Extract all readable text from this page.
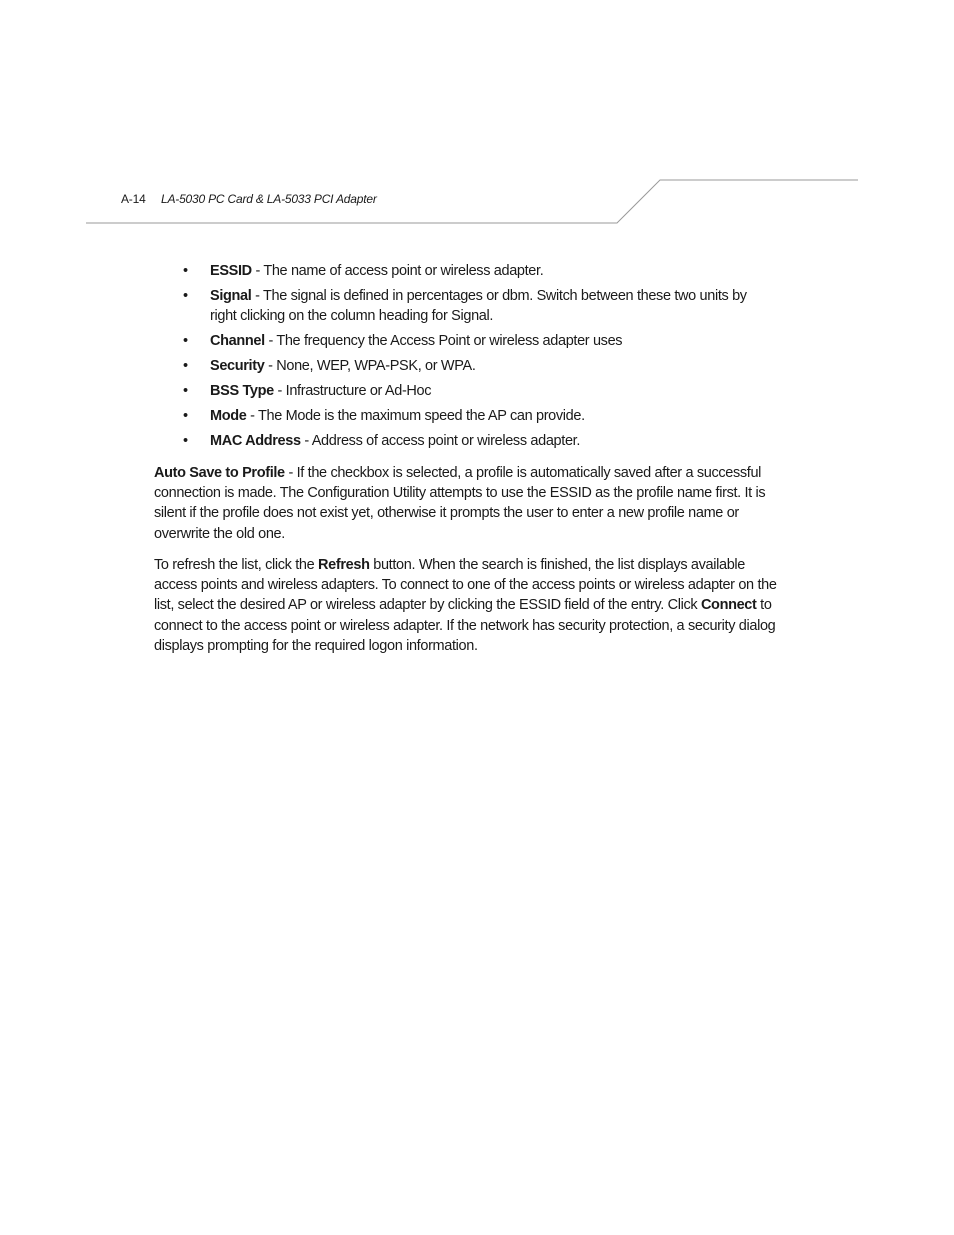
A-14 LA-5030 PC Card & LA-5033 PCI Adapter
• ESSID - The name of access point or wireless adapter.
• Signal - The signal is defined in percentages or dbm. Switch between these two units by right clicking on the column heading for Signal.
• Channel - The frequency the Access Point or wireless adapter uses
• Security - None, WEP, WPA-PSK, or WPA.
• BSS Type - Infrastructure or Ad-Hoc
• Mode - The Mode is the maximum speed the AP can provide.
• MAC Address - Address of access point or wireless adapter.

Auto Save to Profile - If the checkbox is selected, a profile is automatically saved after a successful connection is made. The Configuration Utility attempts to use the ESSID as the profile name first. It is silent if the profile does not exist yet, otherwise it prompts the user to enter a new profile name or overwrite the old one.

To refresh the list, click the Refresh button. When the search is finished, the list displays available access points and wireless adapters. To connect to one of the access points or wireless adapter on the list, select the desired AP or wireless adapter by clicking the ESSID field of the entry. Click Connect to connect to the access point or wireless adapter. If the network has security protection, a security dialog displays prompting for the required logon information.
